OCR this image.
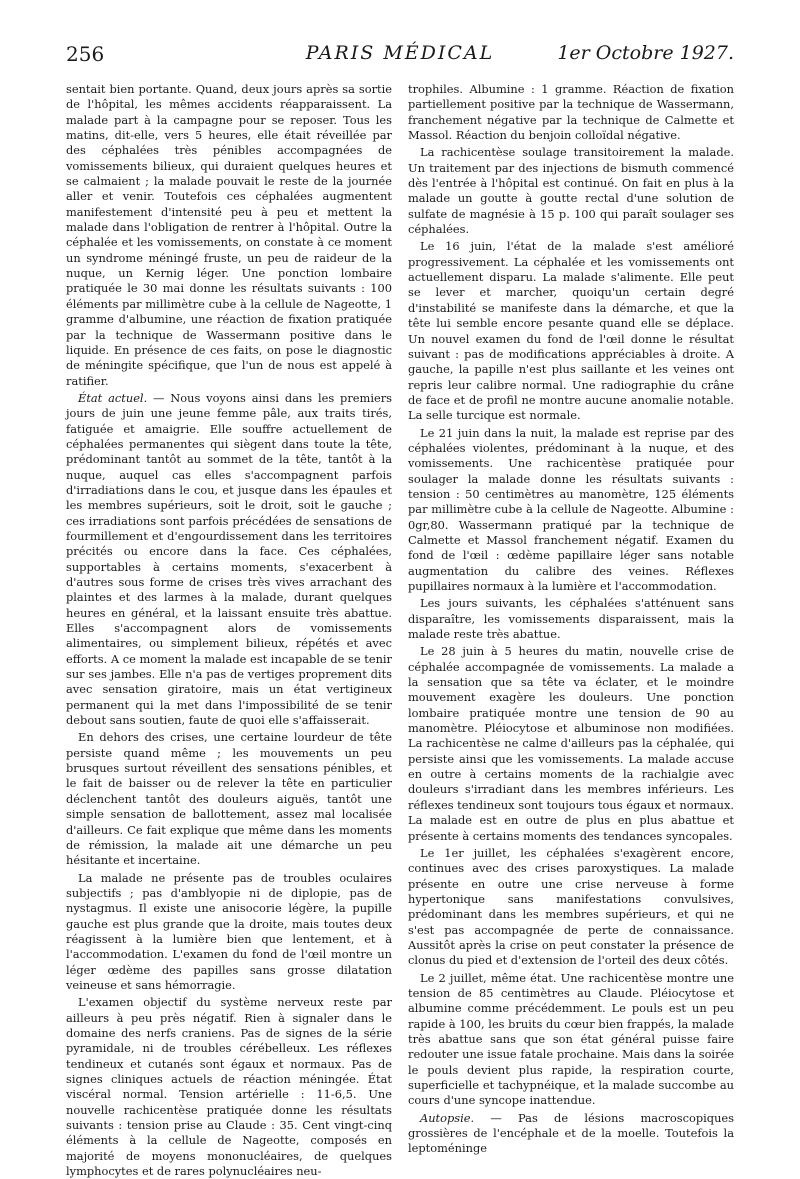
256	PARIS MÉDICAL	1er Octobre 1927.

sentait bien portante. Quand, deux jours après sa sortie de l'hôpital, les mêmes accidents réapparaissent. La malade part à la campagne pour se reposer. Tous les matins, dit-elle, vers 5 heures, elle était réveillée par des céphalées très pénibles accompagnées de vomissements bilieux, qui duraient quelques heures et se calmaient ; la malade pouvait le reste de la journée aller et venir. Toutefois ces céphalées augmentent manifestement d'intensité peu à peu et mettent la malade dans l'obligation de rentrer à l'hôpital. Outre la céphalée et les vomissements, on constate à ce moment un syndrome méningé fruste, un peu de raideur de la nuque, un Kernig léger. Une ponction lombaire pratiquée le 30 mai donne les résultats suivants : 100 éléments par millimètre cube à la cellule de Nageotte, 1 gramme d'albumine, une réaction de fixation pratiquée par la technique de Wassermann positive dans le liquide. En présence de ces faits, on pose le diagnostic de méningite spécifique, que l'un de nous est appelé à ratifier.

État actuel. — Nous voyons ainsi dans les premiers jours de juin une jeune femme pâle, aux traits tirés, fatiguée et amaigrie. Elle souffre actuellement de céphalées permanentes qui siègent dans toute la tête, prédominant tantôt au sommet de la tête, tantôt à la nuque, auquel cas elles s'accompagnent parfois d'irradiations dans le cou, et jusque dans les épaules et les membres supérieurs, soit le droit, soit le gauche ; ces irradiations sont parfois précédées de sensations de fourmillement et d'engourdissement dans les territoires précités ou encore dans la face. Ces céphalées, supportables à certains moments, s'exacerbent à d'autres sous forme de crises très vives arrachant des plaintes et des larmes à la malade, durant quelques heures en général, et la laissant ensuite très abattue. Elles s'accompagnent alors de vomissements alimentaires, ou simplement bilieux, répétés et avec efforts. A ce moment la malade est incapable de se tenir sur ses jambes. Elle n'a pas de vertiges proprement dits avec sensation giratoire, mais un état vertigineux permanent qui la met dans l'impossibilité de se tenir debout sans soutien, faute de quoi elle s'affaisserait.

En dehors des crises, une certaine lourdeur de tête persiste quand même ; les mouvements un peu brusques surtout réveillent des sensations pénibles, et le fait de baisser ou de relever la tête en particulier déclenchent tantôt des douleurs aiguës, tantôt une simple sensation de ballottement, assez mal localisée d'ailleurs. Ce fait explique que même dans les moments de rémission, la malade ait une démarche un peu hésitante et incertaine.

La malade ne présente pas de troubles oculaires subjectifs ; pas d'amblyopie ni de diplopie, pas de nystagmus. Il existe une anisocorie légère, la pupille gauche est plus grande que la droite, mais toutes deux réagissent à la lumière bien que lentement, et à l'accommodation. L'examen du fond de l'œil montre un léger œdème des papilles sans grosse dilatation veineuse et sans hémorragie.

L'examen objectif du système nerveux reste par ailleurs à peu près négatif. Rien à signaler dans le domaine des nerfs craniens. Pas de signes de la série pyramidale, ni de troubles cérébelleux. Les réflexes tendineux et cutanés sont égaux et normaux. Pas de signes cliniques actuels de réaction méningée. État viscéral normal. Tension artérielle : 11-6,5. Une nouvelle rachicentèse pratiquée donne les résultats suivants : tension prise au Claude : 35. Cent vingt-cinq éléments à la cellule de Nageotte, composés en majorité de moyens mononucléaires, de quelques lymphocytes et de rares polynucléaires neu-

trophiles. Albumine : 1 gramme. Réaction de fixation partiellement positive par la technique de Wassermann, franchement négative par la technique de Calmette et Massol. Réaction du benjoin colloïdal négative.

La rachicentèse soulage transitoirement la malade. Un traitement par des injections de bismuth commencé dès l'entrée à l'hôpital est continué. On fait en plus à la malade un goutte à goutte rectal d'une solution de sulfate de magnésie à 15 p. 100 qui paraît soulager ses céphalées.

Le 16 juin, l'état de la malade s'est amélioré progressivement. La céphalée et les vomissements ont actuellement disparu. La malade s'alimente. Elle peut se lever et marcher, quoiqu'un certain degré d'instabilité se manifeste dans la démarche, et que la tête lui semble encore pesante quand elle se déplace. Un nouvel examen du fond de l'œil donne le résultat suivant : pas de modifications appréciables à droite. A gauche, la papille n'est plus saillante et les veines ont repris leur calibre normal. Une radiographie du crâne de face et de profil ne montre aucune anomalie notable. La selle turcique est normale.

Le 21 juin dans la nuit, la malade est reprise par des céphalées violentes, prédominant à la nuque, et des vomissements. Une rachicentèse pratiquée pour soulager la malade donne les résultats suivants : tension : 50 centimètres au manomètre, 125 éléments par millimètre cube à la cellule de Nageotte. Albumine : 0gr,80. Wassermann pratiqué par la technique de Calmette et Massol franchement négatif. Examen du fond de l'œil : œdème papillaire léger sans notable augmentation du calibre des veines. Réflexes pupillaires normaux à la lumière et l'accommodation.

Les jours suivants, les céphalées s'atténuent sans disparaître, les vomissements disparaissent, mais la malade reste très abattue.

Le 28 juin à 5 heures du matin, nouvelle crise de céphalée accompagnée de vomissements. La malade a la sensation que sa tête va éclater, et le moindre mouvement exagère les douleurs. Une ponction lombaire pratiquée montre une tension de 90 au manomètre. Pléiocytose et albuminose non modifiées. La rachicentèse ne calme d'ailleurs pas la céphalée, qui persiste ainsi que les vomissements. La malade accuse en outre à certains moments de la rachialgie avec douleurs s'irradiant dans les membres inférieurs. Les réflexes tendineux sont toujours tous égaux et normaux. La malade est en outre de plus en plus abattue et présente à certains moments des tendances syncopales.

Le 1er juillet, les céphalées s'exagèrent encore, continues avec des crises paroxystiques. La malade présente en outre une crise nerveuse à forme hypertonique sans manifestations convulsives, prédominant dans les membres supérieurs, et qui ne s'est pas accompagnée de perte de connaissance. Aussitôt après la crise on peut constater la présence de clonus du pied et d'extension de l'orteil des deux côtés.

Le 2 juillet, même état. Une rachicentèse montre une tension de 85 centimètres au Claude. Pléiocytose et albumine comme précédemment. Le pouls est un peu rapide à 100, les bruits du cœur bien frappés, la malade très abattue sans que son état général puisse faire redouter une issue fatale prochaine. Mais dans la soirée le pouls devient plus rapide, la respiration courte, superficielle et tachypnéique, et la malade succombe au cours d'une syncope inattendue.

Autopsie. — Pas de lésions macroscopiques grossières de l'encéphale et de la moelle. Toutefois la leptoméninge
